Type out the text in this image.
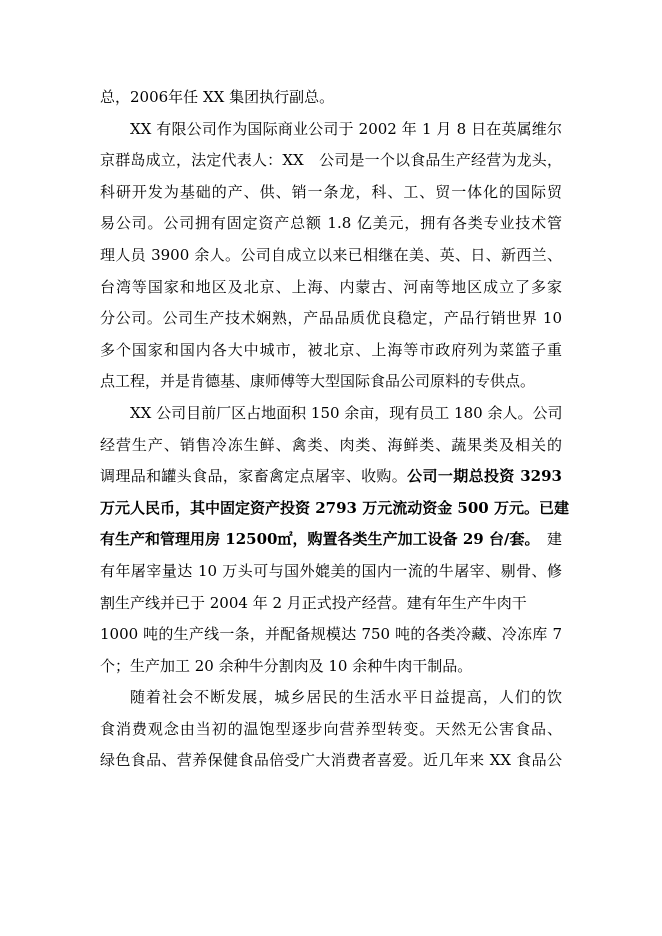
总，2006年任 XX 集团执行副总。
XX 有限公司作为国际商业公司于 2002 年 1 月 8 日在英属维尔
京群岛成立，法定代表人：XX　公司是一个以食品生产经营为龙头，
科研开发为基础的产、供、销一条龙，科、工、贸一体化的国际贸
易公司。公司拥有固定资产总额 1.8 亿美元，拥有各类专业技术管
理人员 3900 余人。公司自成立以来已相继在美、英、日、新西兰、
台湾等国家和地区及北京、上海、内蒙古、河南等地区成立了多家
分公司。公司生产技术娴熟，产品品质优良稳定，产品行销世界 10
多个国家和国内各大中城市，被北京、上海等市政府列为菜篮子重
点工程，并是肯德基、康师傅等大型国际食品公司原料的专供点。
XX 公司目前厂区占地面积 150 余亩，现有员工 180 余人。公司
经营生产、销售冷冻生鲜、禽类、肉类、海鲜类、蔬果类及相关的
调理品和罐头食品，家畜禽定点屠宰、收购。公司一期总投资 3293
万元人民币，其中固定资产投资 2793 万元流动资金 500 万元。已建
有生产和管理用房 12500㎡，购置各类生产加工设备 29 台/套。　建
有年屠宰量达 10 万头可与国外媲美的国内一流的牛屠宰、剔骨、修
割生产线并已于 2004 年 2 月正式投产经营。建有年生产牛肉干
1000 吨的生产线一条，并配备规模达 750 吨的各类冷藏、冷冻库 7
个；生产加工 20 余种牛分割肉及 10 余种牛肉干制品。
随着社会不断发展，城乡居民的生活水平日益提高，人们的饮
食消费观念由当初的温饱型逐步向营养型转变。天然无公害食品、
绿色食品、营养保健食品倍受广大消费者喜爱。近几年来 XX 食品公
